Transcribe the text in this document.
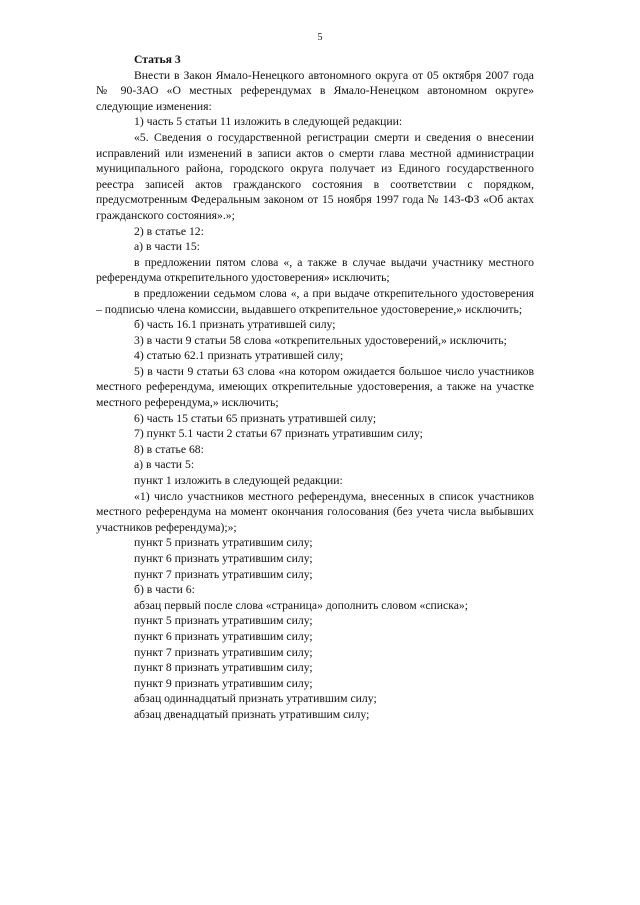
5

Статья 3

Внести в Закон Ямало-Ненецкого автономного округа от 05 октября 2007 года № 90-ЗАО «О местных референдумах в Ямало-Ненецком автономном округе» следующие изменения:

1) часть 5 статьи 11 изложить в следующей редакции:

«5. Сведения о государственной регистрации смерти и сведения о внесении исправлений или изменений в записи актов о смерти глава местной администрации муниципального района, городского округа получает из Единого государственного реестра записей актов гражданского состояния в соответствии с порядком, предусмотренным Федеральным законом от 15 ноября 1997 года № 143-ФЗ «Об актах гражданского состояния».»;

2) в статье 12:

а) в части 15:

в предложении пятом слова «, а также в случае выдачи участнику местного референдума открепительного удостоверения» исключить;

в предложении седьмом слова «, а при выдаче открепительного удостоверения – подписью члена комиссии, выдавшего открепительное удостоверение,» исключить;

б) часть 16.1 признать утратившей силу;

3) в части 9 статьи 58 слова «открепительных удостоверений,» исключить;

4) статью 62.1 признать утратившей силу;

5) в части 9 статьи 63 слова «на котором ожидается большое число участников местного референдума, имеющих открепительные удостоверения, а также на участке местного референдума,» исключить;

6) часть 15 статьи 65 признать утратившей силу;

7) пункт 5.1 части 2 статьи 67 признать утратившим силу;

8) в статье 68:

а) в части 5:

пункт 1 изложить в следующей редакции:

«1) число участников местного референдума, внесенных в список участников местного референдума на момент окончания голосования (без учета числа выбывших участников референдума);»;

пункт 5 признать утратившим силу;

пункт 6 признать утратившим силу;

пункт 7 признать утратившим силу;

б) в части 6:

абзац первый после слова «страница» дополнить словом «списка»;

пункт 5 признать утратившим силу;

пункт 6 признать утратившим силу;

пункт 7 признать утратившим силу;

пункт 8 признать утратившим силу;

пункт 9 признать утратившим силу;

абзац одиннадцатый признать утратившим силу;

абзац двенадцатый признать утратившим силу;
